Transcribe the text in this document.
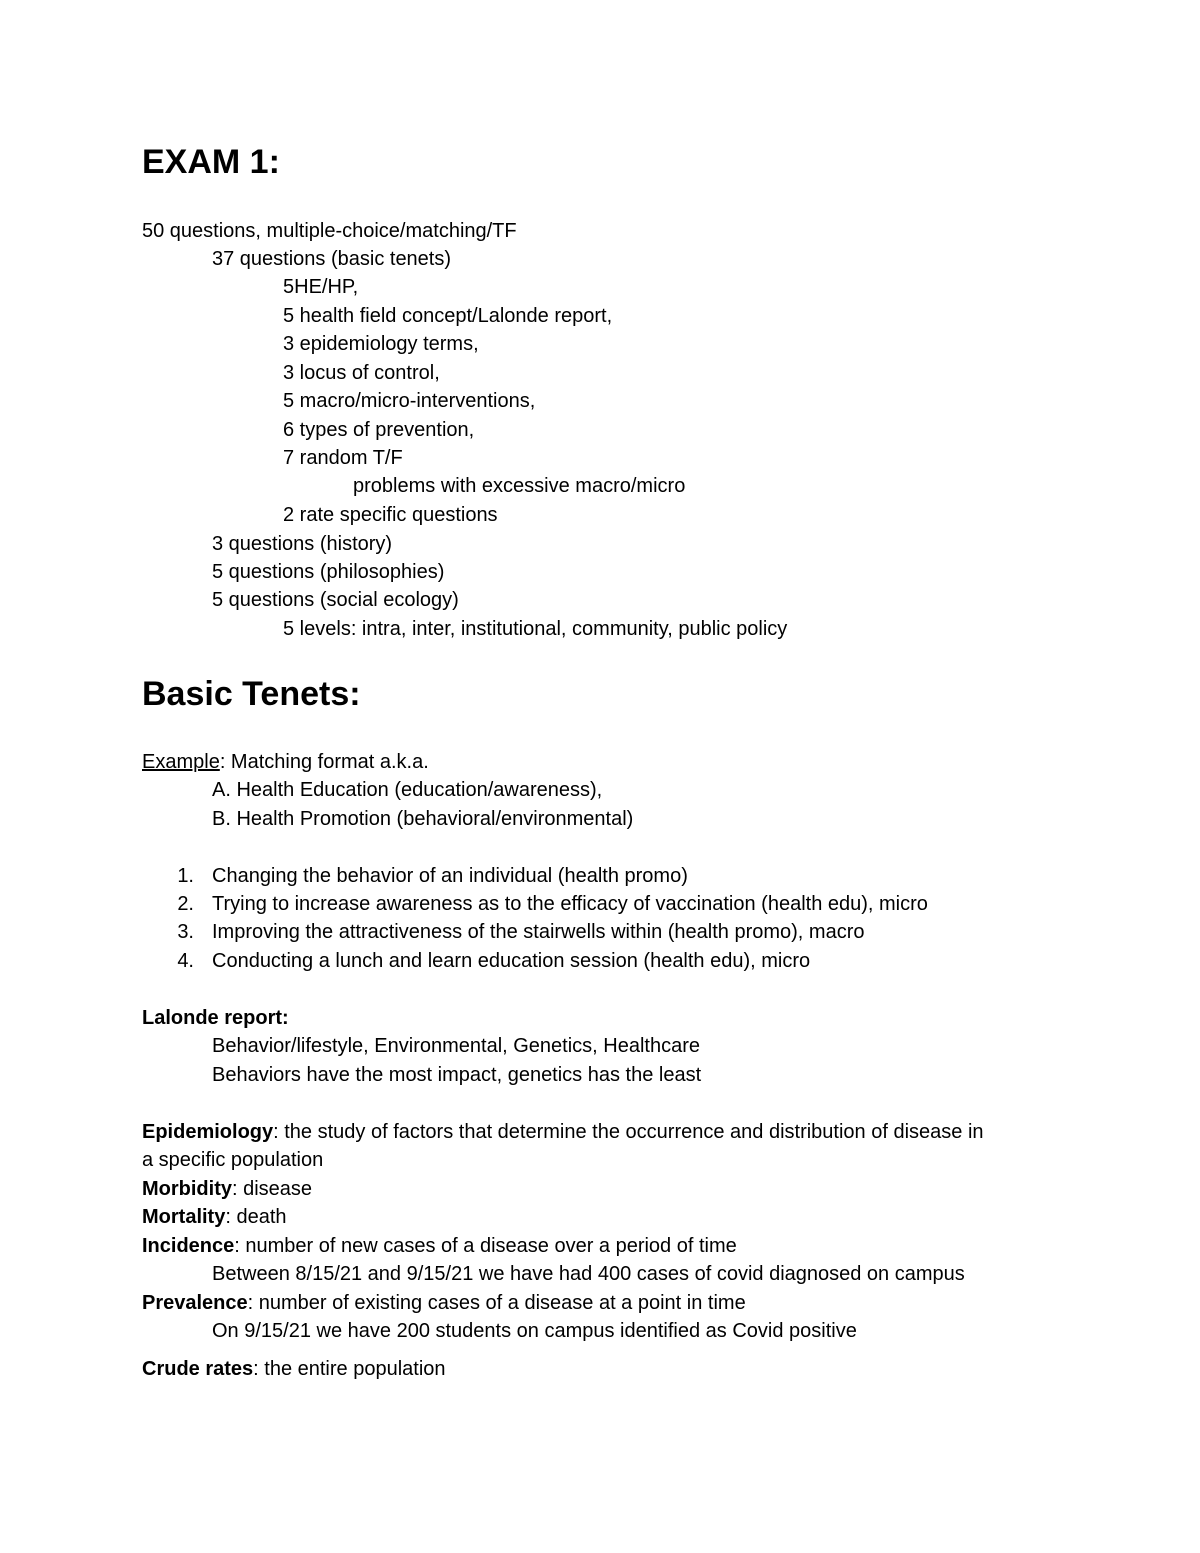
EXAM 1:
50 questions, multiple-choice/matching/TF
37 questions (basic tenets)
5HE/HP,
5 health field concept/Lalonde report,
3 epidemiology terms,
3 locus of control,
5 macro/micro-interventions,
6 types of prevention,
7 random T/F
problems with excessive macro/micro
2 rate specific questions
3 questions (history)
5 questions (philosophies)
5 questions (social ecology)
5 levels: intra, inter, institutional, community, public policy
Basic Tenets:
Example: Matching format a.k.a.
A. Health Education (education/awareness),
B. Health Promotion (behavioral/environmental)
1. Changing the behavior of an individual (health promo)
2. Trying to increase awareness as to the efficacy of vaccination (health edu), micro
3. Improving the attractiveness of the stairwells within (health promo), macro
4. Conducting a lunch and learn education session (health edu), micro
Lalonde report:
Behavior/lifestyle, Environmental, Genetics, Healthcare
Behaviors have the most impact, genetics has the least
Epidemiology: the study of factors that determine the occurrence and distribution of disease in
a specific population
Morbidity: disease
Mortality: death
Incidence: number of new cases of a disease over a period of time
Between 8/15/21 and 9/15/21 we have had 400 cases of covid diagnosed on campus
Prevalence: number of existing cases of a disease at a point in time
On 9/15/21 we have 200 students on campus identified as Covid positive
Crude rates: the entire population
